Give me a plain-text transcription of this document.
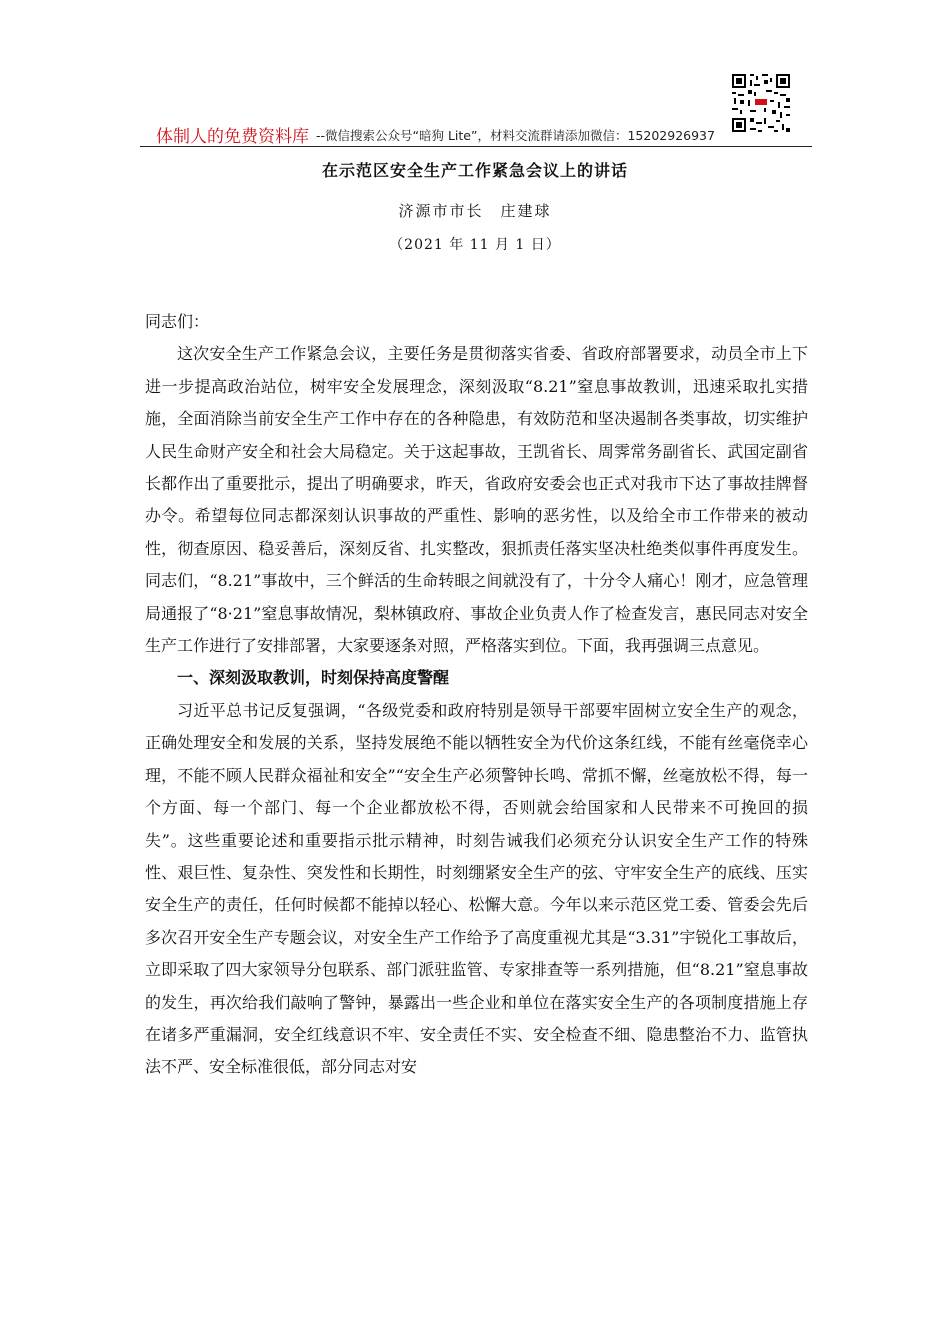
体制人的免费资料库 --微信搜索公众号“暗狗 Lite”，材料交流群请添加微信：15202926937
在示范区安全生产工作紧急会议上的讲话
济源市市长　庄建球
（2021 年 11 月 1 日）

同志们：

这次安全生产工作紧急会议，主要任务是贯彻落实省委、省政府部署要求，动员全市上下进一步提高政治站位，树牢安全发展理念，深刻汲取“8.21”窒息事故教训，迅速采取扎实措施，全面消除当前安全生产工作中存在的各种隐患，有效防范和坚决遏制各类事故，切实维护人民生命财产安全和社会大局稳定。关于这起事故，王凯省长、周霁常务副省长、武国定副省长都作出了重要批示，提出了明确要求，昨天，省政府安委会也正式对我市下达了事故挂牌督办令。希望每位同志都深刻认识事故的严重性、影响的恶劣性，以及给全市工作带来的被动性，彻查原因、稳妥善后，深刻反省、扎实整改，狠抓责任落实坚决杜绝类似事件再度发生。同志们，“8.21”事故中，三个鲜活的生命转眼之间就没有了，十分令人痛心！刚才，应急管理局通报了“8·21”窒息事故情况，梨林镇政府、事故企业负责人作了检查发言，惠民同志对安全生产工作进行了安排部署，大家要逐条对照，严格落实到位。下面，我再强调三点意见。

一、深刻汲取教训，时刻保持高度警醒

习近平总书记反复强调，“各级党委和政府特别是领导干部要牢固树立安全生产的观念，正确处理安全和发展的关系，坚持发展绝不能以牺牲安全为代价这条红线，不能有丝毫侥幸心理，不能不顾人民群众福祉和安全”“安全生产必须警钟长鸣、常抓不懈，丝毫放松不得，每一个方面、每一个部门、每一个企业都放松不得，否则就会给国家和人民带来不可挽回的损失”。这些重要论述和重要指示批示精神，时刻告诫我们必须充分认识安全生产工作的特殊性、艰巨性、复杂性、突发性和长期性，时刻绷紧安全生产的弦、守牢安全生产的底线、压实安全生产的责任，任何时候都不能掉以轻心、松懈大意。今年以来示范区党工委、管委会先后多次召开安全生产专题会议，对安全生产工作给予了高度重视尤其是“3.31”宇锐化工事故后，立即采取了四大家领导分包联系、部门派驻监管、专家排查等一系列措施，但“8.21”窒息事故的发生，再次给我们敲响了警钟，暴露出一些企业和单位在落实安全生产的各项制度措施上存在诸多严重漏洞，安全红线意识不牢、安全责任不实、安全检查不细、隐患整治不力、监管执法不严、安全标准很低，部分同志对安
